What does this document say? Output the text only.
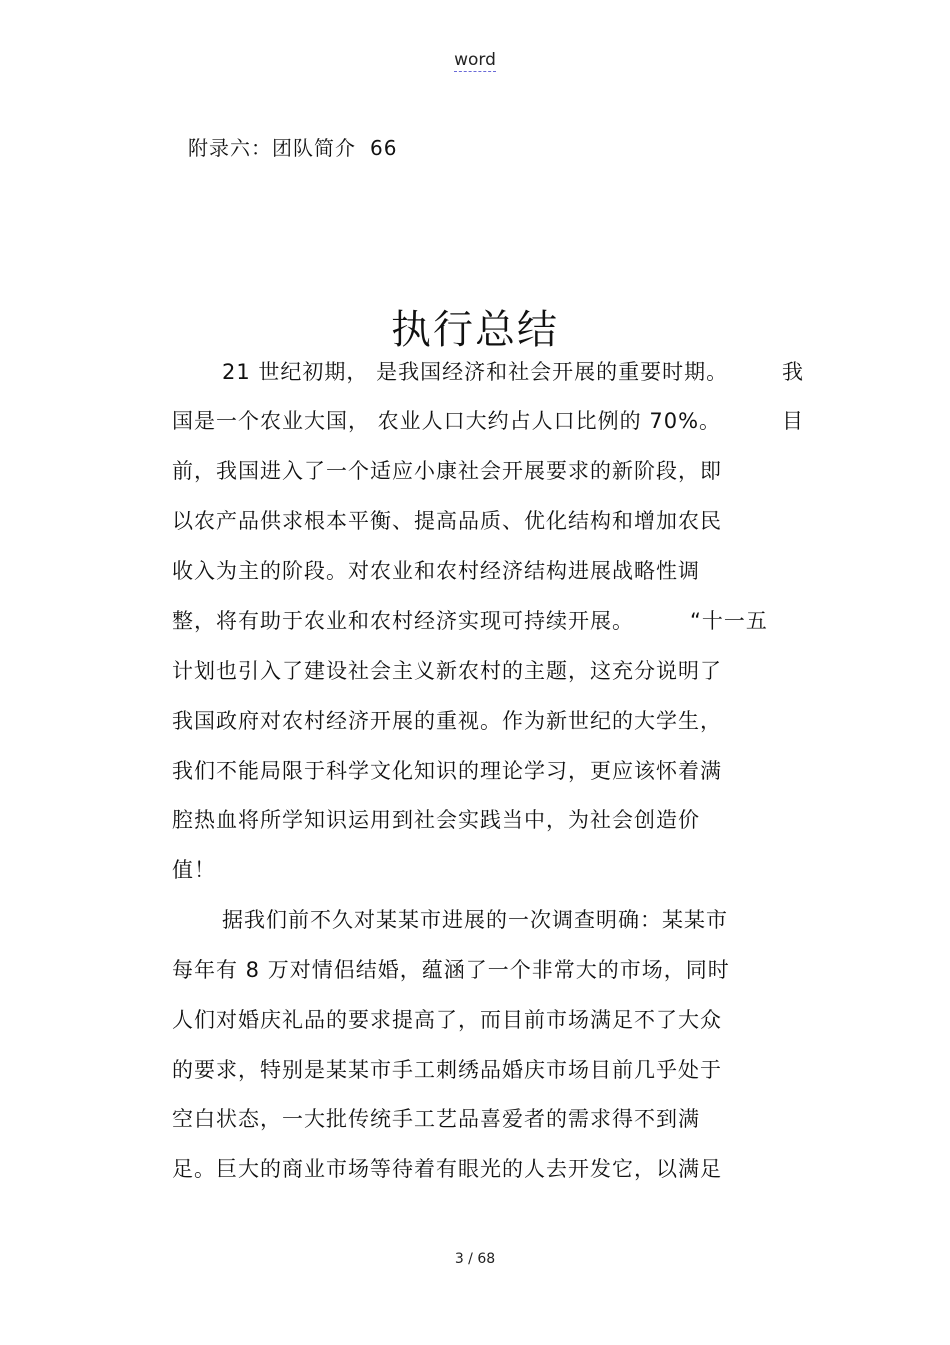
word
附录六：团队简介 66
执行总结
21 世纪初期， 是我国经济和社会开展的重要时期。	我
国是一个农业大国， 农业人口大约占人口比例的 70%。	目
前，我国进入了一个适应小康社会开展要求的新阶段，即
以农产品供求根本平衡、提高品质、优化结构和增加农民
收入为主的阶段。对农业和农村经济结构进展战略性调
整，将有助于农业和农村经济实现可持续开展。	“十一五
计划也引入了建设社会主义新农村的主题，这充分说明了
我国政府对农村经济开展的重视。作为新世纪的大学生，
我们不能局限于科学文化知识的理论学习，更应该怀着满
腔热血将所学知识运用到社会实践当中，为社会创造价
值！
据我们前不久对某某市进展的一次调查明确：某某市
每年有 8 万对情侣结婚，蕴涵了一个非常大的市场，同时
人们对婚庆礼品的要求提高了，而目前市场满足不了大众
的要求，特别是某某市手工刺绣品婚庆市场目前几乎处于
空白状态，一大批传统手工艺品喜爱者的需求得不到满
足。巨大的商业市场等待着有眼光的人去开发它，以满足
3 / 68
